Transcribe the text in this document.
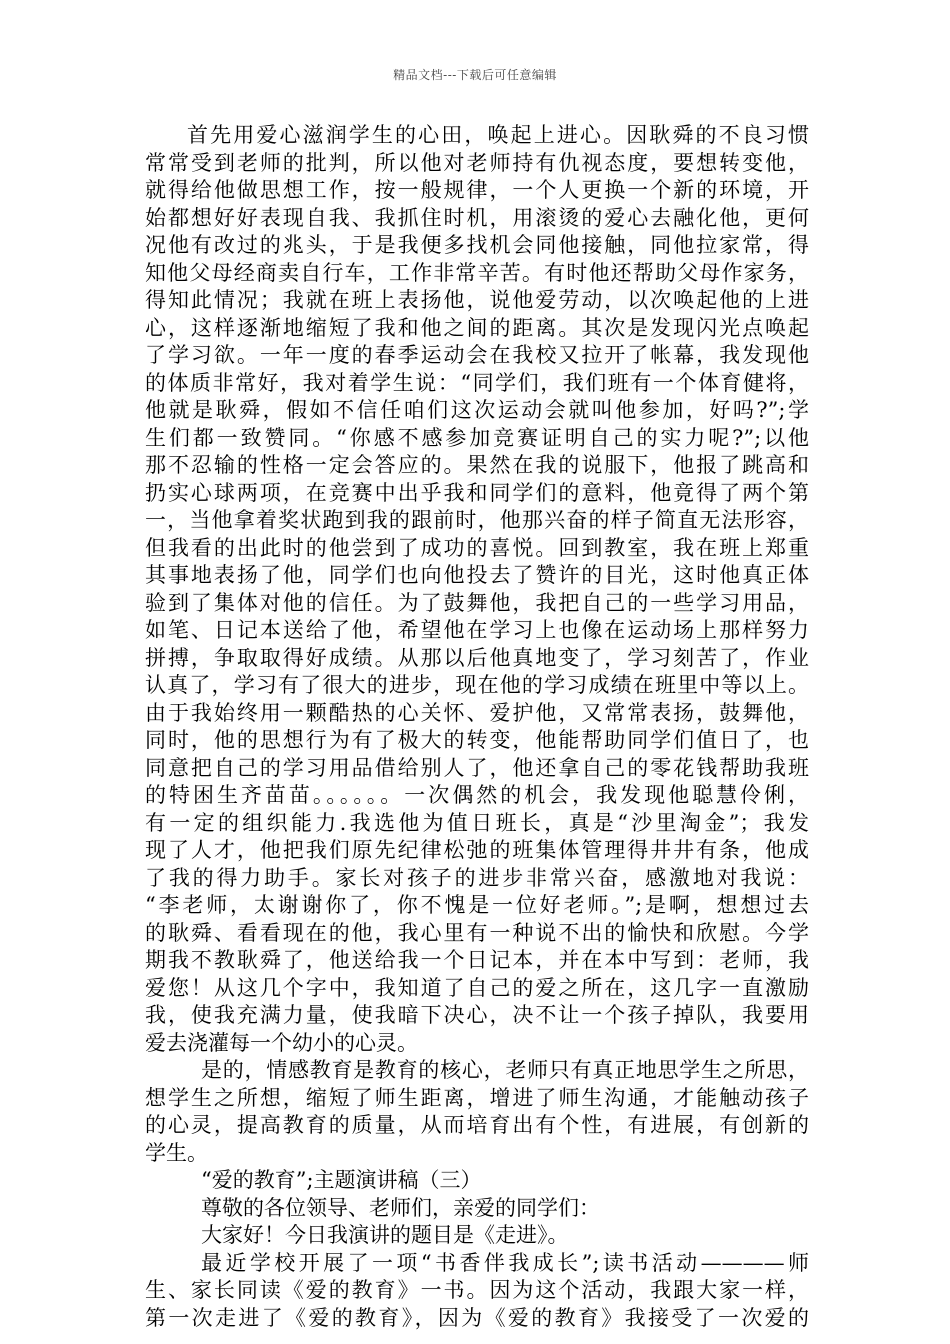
精品文档---下载后可任意编辑
首先用爱心滋润学生的心田，唤起上进心。因耿舜的不良习惯
常常受到老师的批判，所以他对老师持有仇视态度，要想转变他，
就得给他做思想工作，按一般规律，一个人更换一个新的环境，开
始都想好好表现自我、我抓住时机，用滚烫的爱心去融化他，更何
况他有改过的兆头，于是我便多找机会同他接触，同他拉家常，得
知他父母经商卖自行车，工作非常辛苦。有时他还帮助父母作家务，
得知此情况；我就在班上表扬他，说他爱劳动，以次唤起他的上进
心，这样逐渐地缩短了我和他之间的距离。其次是发现闪光点唤起
了学习欲。一年一度的春季运动会在我校又拉开了帐幕，我发现他
的体质非常好，我对着学生说：“同学们，我们班有一个体育健将，
他就是耿舜，假如不信任咱们这次运动会就叫他参加，好吗?”;学
生们都一致赞同。“你感不感参加竞赛证明自己的实力呢?”;以他
那不忍输的性格一定会答应的。果然在我的说服下，他报了跳高和
扔实心球两项，在竞赛中出乎我和同学们的意料，他竟得了两个第
一，当他拿着奖状跑到我的跟前时，他那兴奋的样子简直无法形容，
但我看的出此时的他尝到了成功的喜悦。回到教室，我在班上郑重
其事地表扬了他，同学们也向他投去了赞许的目光，这时他真正体
验到了集体对他的信任。为了鼓舞他，我把自己的一些学习用品，
如笔、日记本送给了他，希望他在学习上也像在运动场上那样努力
拼搏，争取取得好成绩。从那以后他真地变了，学习刻苦了，作业
认真了，学习有了很大的进步，现在他的学习成绩在班里中等以上。
由于我始终用一颗酷热的心关怀、爱护他，又常常表扬，鼓舞他，
同时，他的思想行为有了极大的转变，他能帮助同学们值日了，也
同意把自己的学习用品借给别人了，他还拿自己的零花钱帮助我班
的特困生齐苗苗。。。。。。一次偶然的机会，我发现他聪慧伶俐，
有一定的组织能力.我选他为值日班长，真是“沙里淘金”；我发
现了人才，他把我们原先纪律松弛的班集体管理得井井有条，他成
了我的得力助手。家长对孩子的进步非常兴奋，感激地对我说：
“李老师，太谢谢你了，你不愧是一位好老师。”;是啊，想想过去
的耿舜、看看现在的他，我心里有一种说不出的愉快和欣慰。今学
期我不教耿舜了，他送给我一个日记本，并在本中写到：老师，我
爱您！从这几个字中，我知道了自己的爱之所在，这几字一直激励
我，使我充满力量，使我暗下决心，决不让一个孩子掉队，我要用
爱去浇灌每一个幼小的心灵。
是的，情感教育是教育的核心，老师只有真正地思学生之所思，
想学生之所想，缩短了师生距离，增进了师生沟通，才能触动孩子
的心灵，提高教育的质量，从而培育出有个性，有进展，有创新的
学生。
“爱的教育”;主题演讲稿（三）
尊敬的各位领导、老师们，亲爱的同学们：
大家好！今日我演讲的题目是《走进》。
最近学校开展了一项“书香伴我成长”;读书活动————师
生、家长同读《爱的教育》一书。因为这个活动，我跟大家一样，
第一次走进了《爱的教育》，因为《爱的教育》我接受了一次爱的
